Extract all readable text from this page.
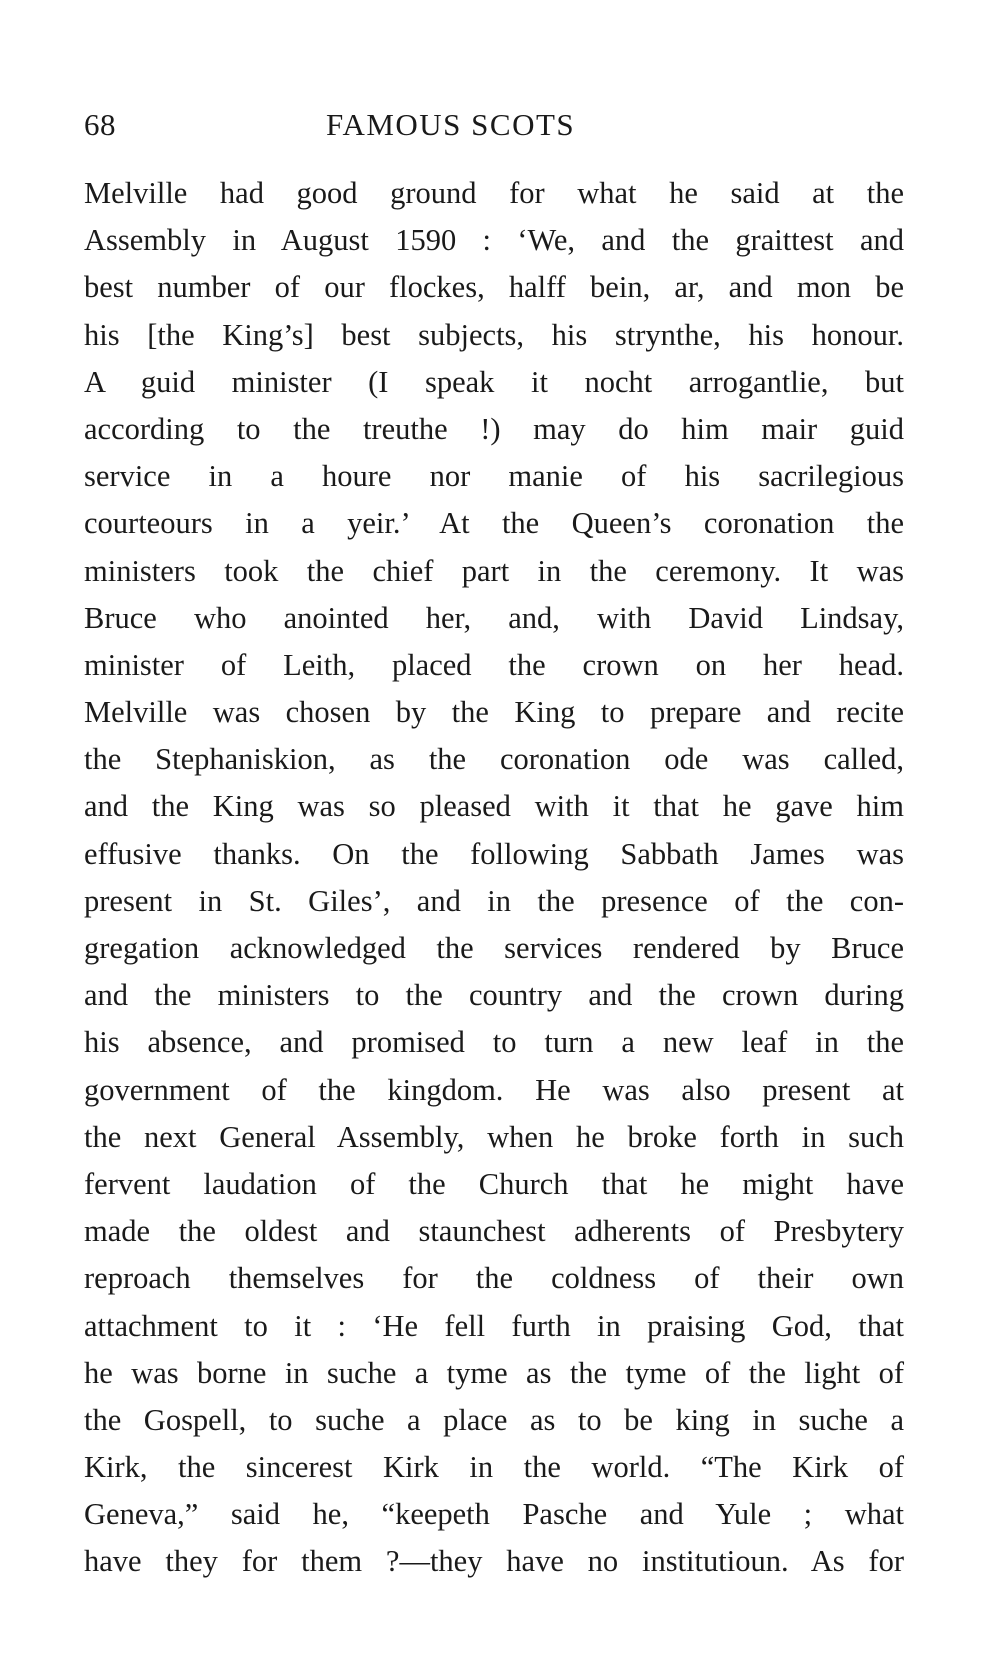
68	FAMOUS SCOTS
Melville had good ground for what he said at the
Assembly in August 1590 : ‘We, and the graittest and
best number of our flockes, halff bein, ar, and mon be
his [the King’s] best subjects, his strynthe, his honour.
A guid minister (I speak it nocht arrogantlie, but
according to the treuthe !) may do him mair guid
service in a houre nor manie of his sacrilegious
courteours in a yeir.’ At the Queen’s coronation the
ministers took the chief part in the ceremony. It was
Bruce who anointed her, and, with David Lindsay,
minister of Leith, placed the crown on her head.
Melville was chosen by the King to prepare and recite
the Stephaniskion, as the coronation ode was called,
and the King was so pleased with it that he gave him
effusive thanks. On the following Sabbath James was
present in St. Giles’, and in the presence of the con-
gregation acknowledged the services rendered by Bruce
and the ministers to the country and the crown during
his absence, and promised to turn a new leaf in the
government of the kingdom. He was also present at
the next General Assembly, when he broke forth in such
fervent laudation of the Church that he might have
made the oldest and staunchest adherents of Presbytery
reproach themselves for the coldness of their own
attachment to it : ‘He fell furth in praising God, that
he was borne in suche a tyme as the tyme of the light of
the Gospell, to suche a place as to be king in suche a
Kirk, the sincerest Kirk in the world. “The Kirk of
Geneva,” said he, “keepeth Pasche and Yule ; what
have they for them ?—they have no institutioun. As for
